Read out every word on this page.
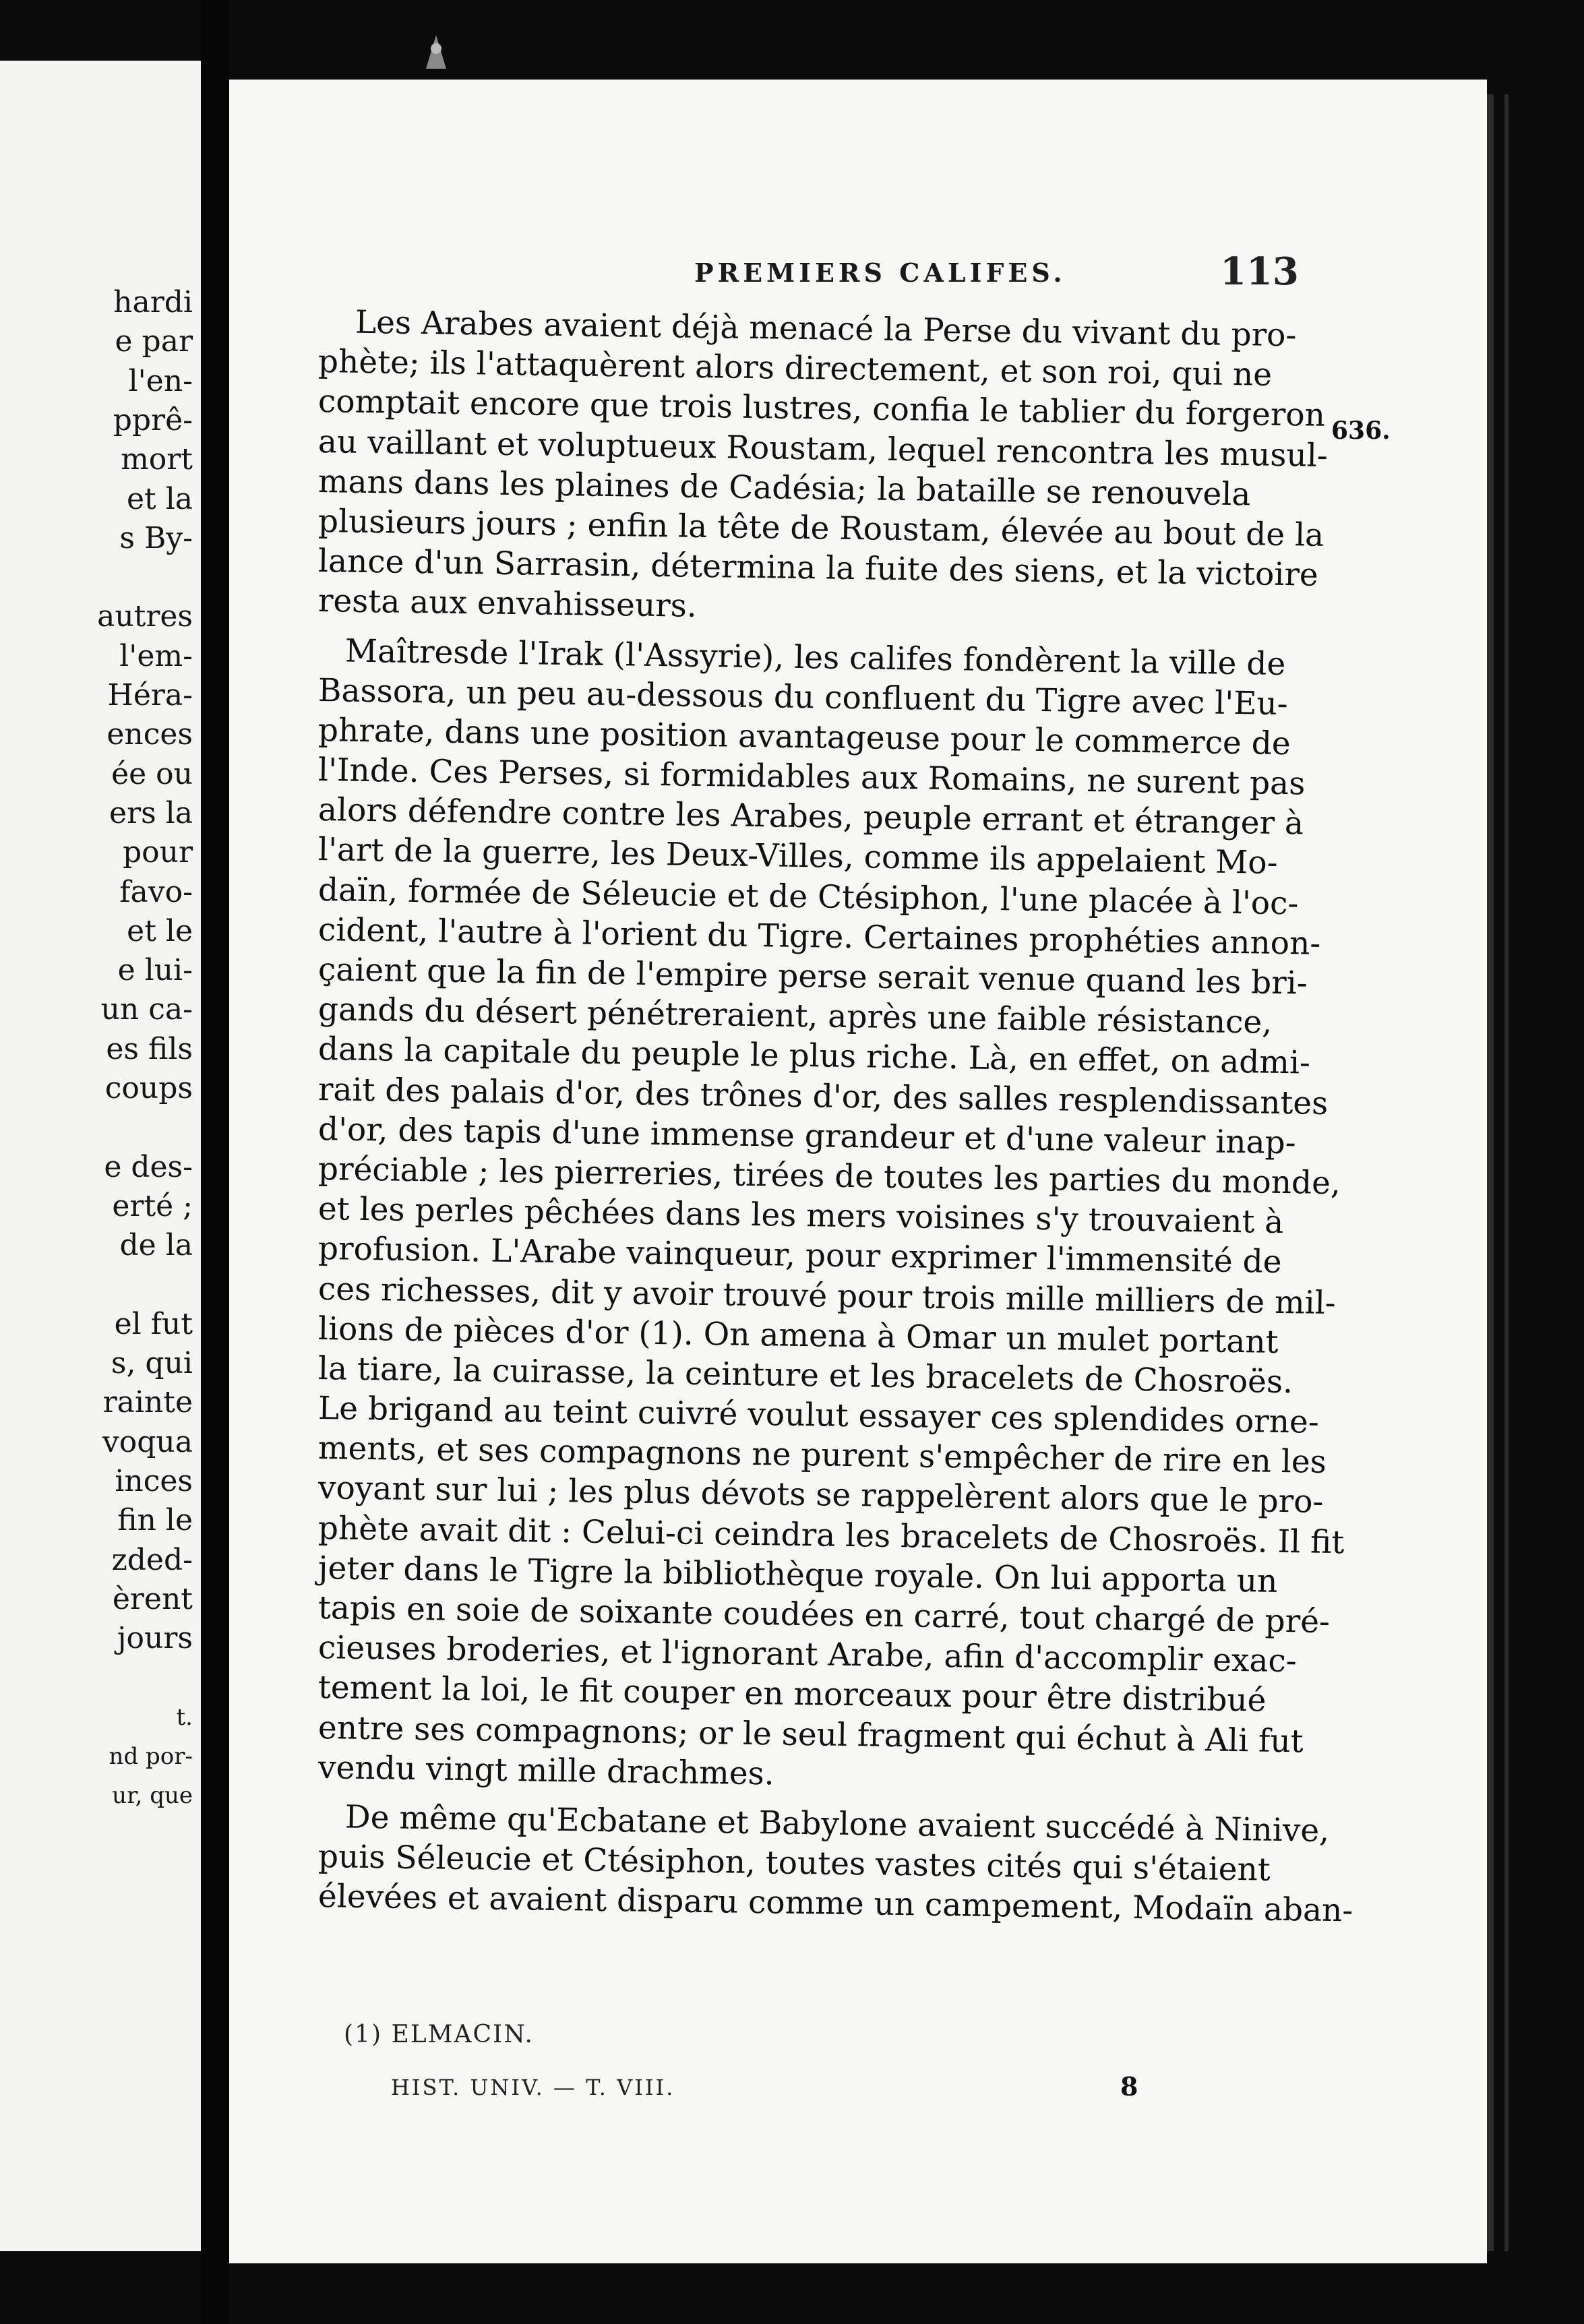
hardi
e par
l'en-
pprê-
mort
et la
s By-
autres
l'em-
Héra-
ences
ée ou
ers la
pour
favo-
et le
e lui-
un ca-
es fils
coups
e des-
erté ;
de la
el fut
s, qui
rainte
voqua
inces
fin le
zded-
èrent
jours
t.
nd por-
ur, que
PREMIERS CALIFES.	113
636.
Les Arabes avaient déjà menacé la Perse du vivant du pro-
phète; ils l'attaquèrent alors directement, et son roi, qui ne
comptait encore que trois lustres, confia le tablier du forgeron
au vaillant et voluptueux Roustam, lequel rencontra les musul-
mans dans les plaines de Cadésia; la bataille se renouvela
plusieurs jours ; enfin la tête de Roustam, élevée au bout de la
lance d'un Sarrasin, détermina la fuite des siens, et la victoire
resta aux envahisseurs.
Maîtresde l'Irak (l'Assyrie), les califes fondèrent la ville de
Bassora, un peu au-dessous du confluent du Tigre avec l'Eu-
phrate, dans une position avantageuse pour le commerce de
l'Inde. Ces Perses, si formidables aux Romains, ne surent pas
alors défendre contre les Arabes, peuple errant et étranger à
l'art de la guerre, les Deux-Villes, comme ils appelaient Mo-
daïn, formée de Séleucie et de Ctésiphon, l'une placée à l'oc-
cident, l'autre à l'orient du Tigre. Certaines prophéties annon-
çaient que la fin de l'empire perse serait venue quand les bri-
gands du désert pénétreraient, après une faible résistance,
dans la capitale du peuple le plus riche. Là, en effet, on admi-
rait des palais d'or, des trônes d'or, des salles resplendissantes
d'or, des tapis d'une immense grandeur et d'une valeur inap-
préciable ; les pierreries, tirées de toutes les parties du monde,
et les perles pêchées dans les mers voisines s'y trouvaient à
profusion. L'Arabe vainqueur, pour exprimer l'immensité de
ces richesses, dit y avoir trouvé pour trois mille milliers de mil-
lions de pièces d'or (1). On amena à Omar un mulet portant
la tiare, la cuirasse, la ceinture et les bracelets de Chosroës.
Le brigand au teint cuivré voulut essayer ces splendides orne-
ments, et ses compagnons ne purent s'empêcher de rire en les
voyant sur lui ; les plus dévots se rappelèrent alors que le pro-
phète avait dit : Celui-ci ceindra les bracelets de Chosroës. Il fit
jeter dans le Tigre la bibliothèque royale. On lui apporta un
tapis en soie de soixante coudées en carré, tout chargé de pré-
cieuses broderies, et l'ignorant Arabe, afin d'accomplir exac-
tement la loi, le fit couper en morceaux pour être distribué
entre ses compagnons; or le seul fragment qui échut à Ali fut
vendu vingt mille drachmes.
De même qu'Ecbatane et Babylone avaient succédé à Ninive,
puis Séleucie et Ctésiphon, toutes vastes cités qui s'étaient
élevées et avaient disparu comme un campement, Modaïn aban-
(1) ELMACIN.
HIST. UNIV. — T. VIII.	8
